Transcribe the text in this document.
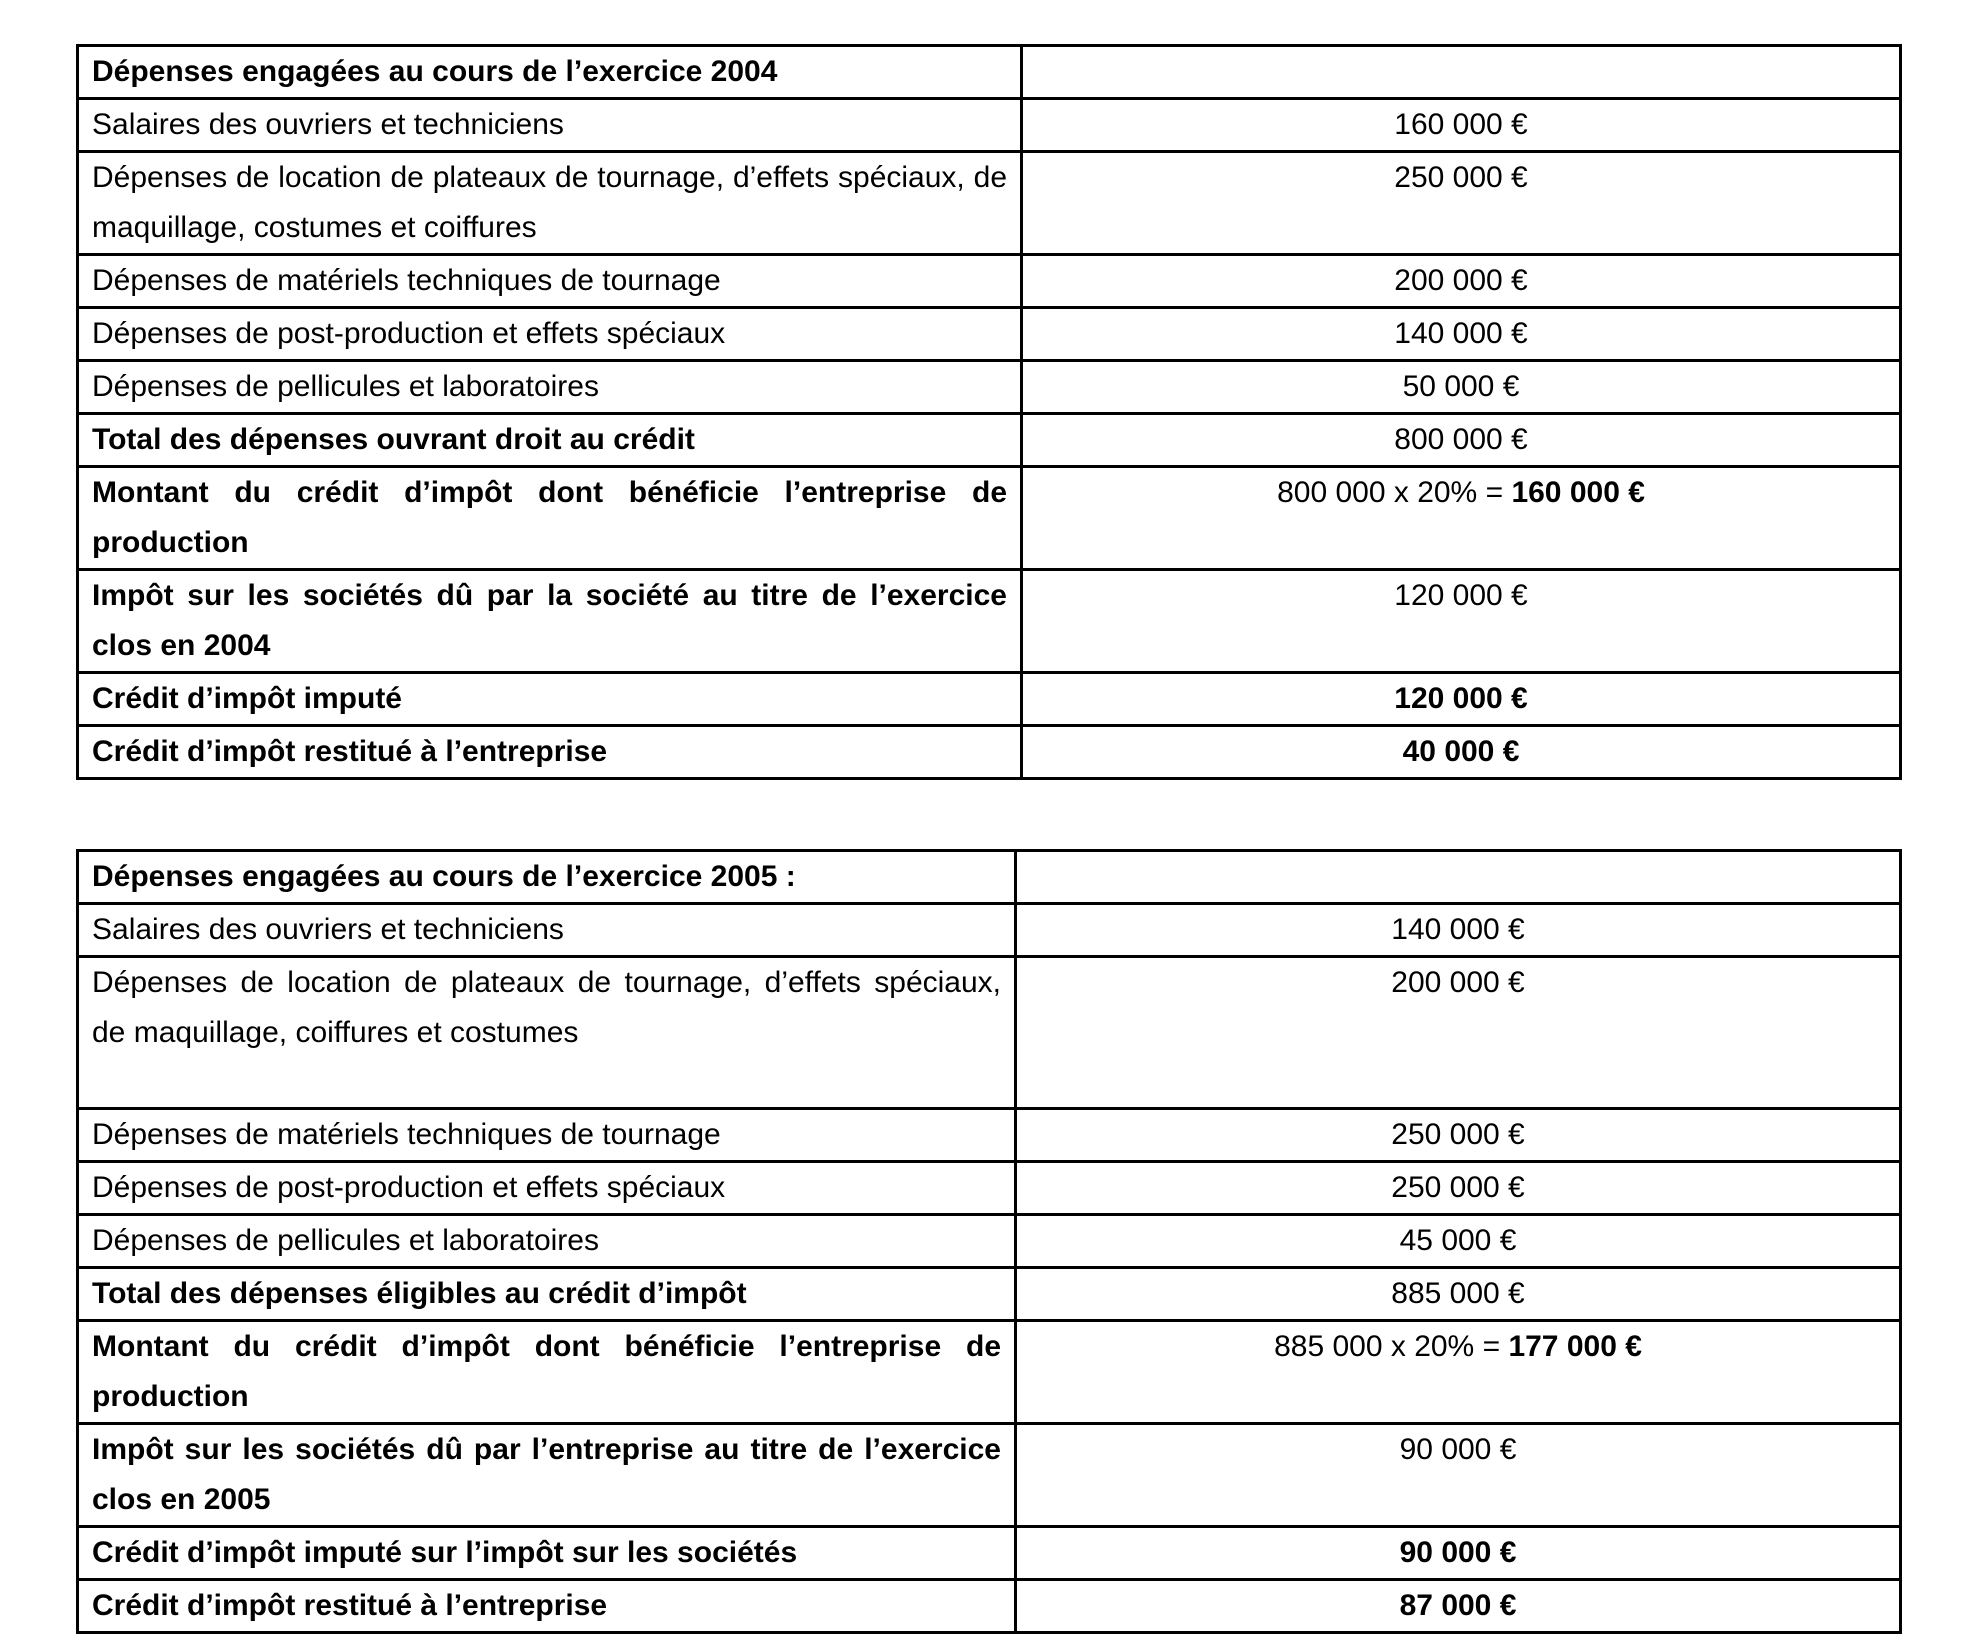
Dépenses engagées au cours de l’exercice 2004	
Salaires des ouvriers et techniciens	160 000 €
Dépenses de location de plateaux de tournage, d’effets spéciaux, de maquillage, costumes et coiffures	250 000 €
Dépenses de matériels techniques de tournage	200 000 €
Dépenses de post-production et effets spéciaux	140 000 €
Dépenses de pellicules et laboratoires	50 000 €
Total des dépenses ouvrant droit au crédit	800 000 €
Montant du crédit d’impôt dont bénéficie l’entreprise de production	800 000 x 20% = 160 000 €
Impôt sur les sociétés dû par la société au titre de l’exercice clos en 2004	120 000 €
Crédit d’impôt imputé	120 000 €
Crédit d’impôt restitué à l’entreprise	40 000 €
Dépenses engagées au cours de l’exercice 2005 :	
Salaires des ouvriers et techniciens	140 000 €
Dépenses de location de plateaux de tournage, d’effets spéciaux, de maquillage, coiffures et costumes	200 000 €
Dépenses de matériels techniques de tournage	250 000 €
Dépenses de post-production et effets spéciaux	250 000 €
Dépenses de pellicules et laboratoires	45 000 €
Total des dépenses éligibles au crédit d’impôt	885 000 €
Montant du crédit d’impôt dont bénéficie l’entreprise de production	885 000 x 20% = 177 000 €
Impôt sur les sociétés dû par l’entreprise au titre de l’exercice clos en 2005	90 000 €
Crédit d’impôt imputé sur l’impôt sur les sociétés	90 000 €
Crédit d’impôt restitué à l’entreprise	87 000 €
